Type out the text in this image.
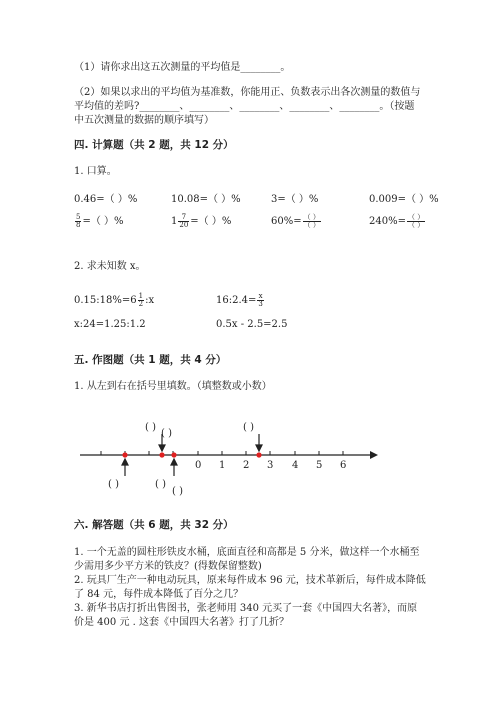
（1）请你求出这五次测量的平均值是________。
（2）如果以求出的平均值为基准数，你能用正、负数表示出各次测量的数值与
平均值的差吗?________、________、________、________、________。（按题
中五次测量的数据的顺序填写）
四. 计算题（共 2 题，共 12 分）
1. 口算。
0.46=（ ）%	10.08=（ ）%	3=（ ）%	0.009=（ ）%
$\frac{5}{8}$ =（ ）%	$1 \frac{7}{20}$ =（ ）%	$60\%= \frac{( )}{( )}$	$240\%= \frac{( )}{( )}$
2. 求未知数 x。
0.15:18%=6 $\frac{1}{2}$ :x	16:2.4= $\frac{x}{3}$
x:24=1.25:1.2	0.5x - 2.5=2.5
五. 作图题（共 1 题，共 4 分）
1. 从左到右在括号里填数。（填整数或小数）
( )
( )
( )
( )	( )
( )
0 1 2 3 4 5 6
六. 解答题（共 6 题，共 32 分）
1. 一个无盖的圆柱形铁皮水桶，底面直径和高都是 5 分米，做这样一个水桶至
少需用多少平方米的铁皮？(得数保留整数)
2. 玩具厂生产一种电动玩具，原来每件成本 96 元，技术革新后，每件成本降低
了 84 元，每件成本降低了百分之几？
3. 新华书店打折出售图书，张老师用 340 元买了一套《中国四大名著》，而原
价是 400 元 . 这套《中国四大名著》打了几折？
